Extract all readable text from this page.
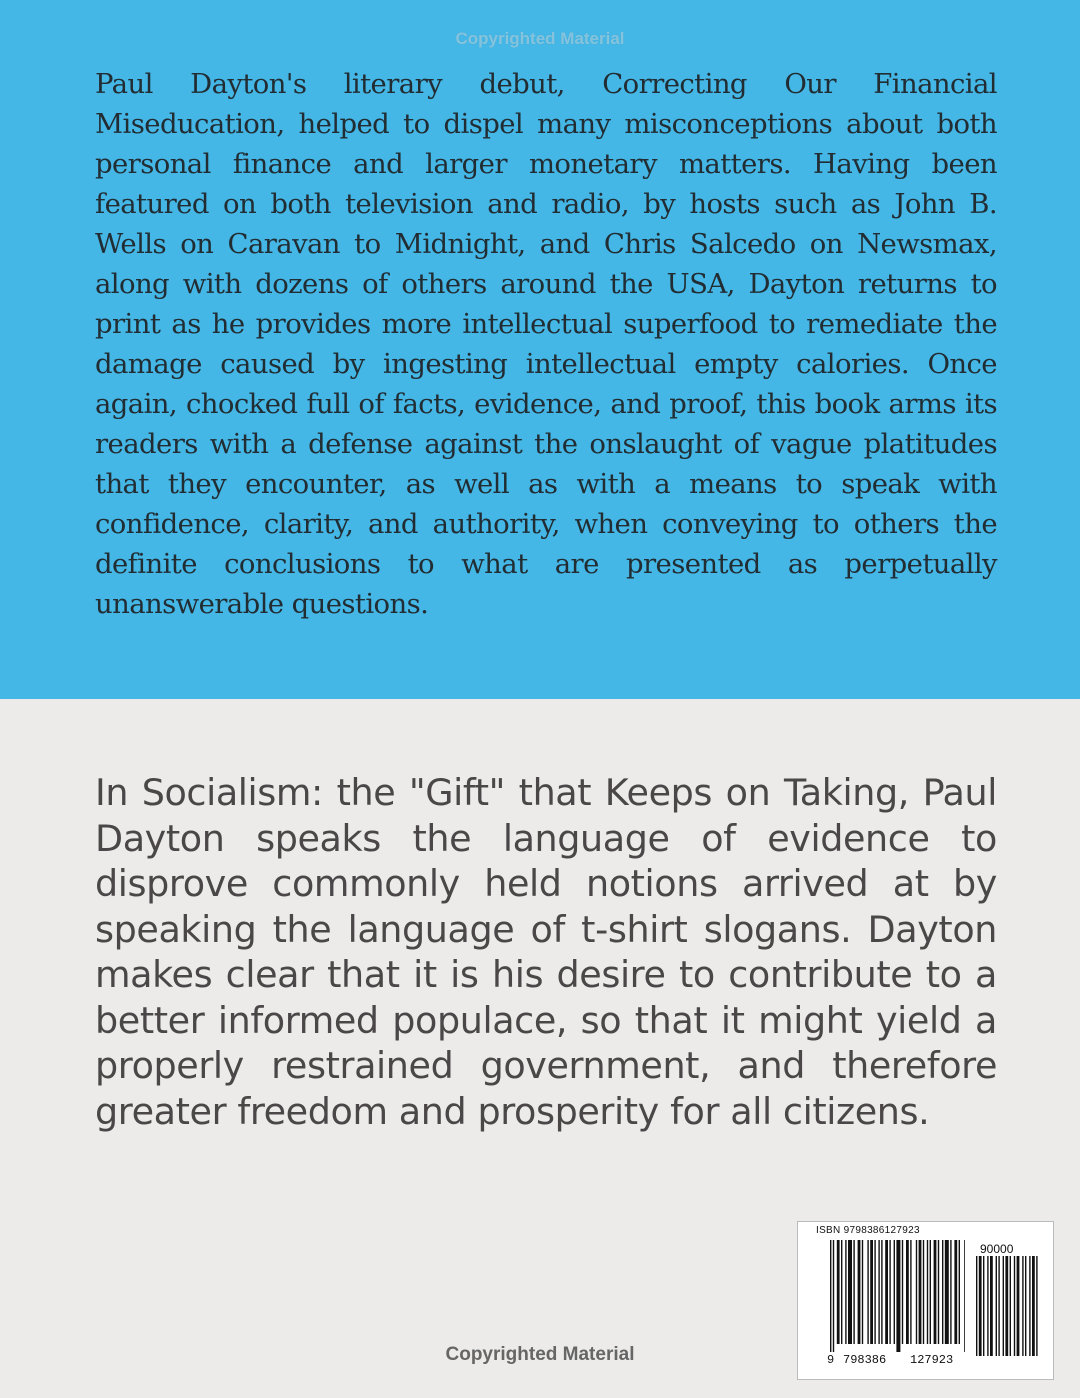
Copyrighted Material

Paul Dayton's literary debut, Correcting Our Financial Miseducation, helped to dispel many misconceptions about both personal finance and larger monetary matters. Having been featured on both television and radio, by hosts such as John B. Wells on Caravan to Midnight, and Chris Salcedo on Newsmax, along with dozens of others around the USA, Dayton returns to print as he provides more intellectual superfood to remediate the damage caused by ingesting intellectual empty calories. Once again, chocked full of facts, evidence, and proof, this book arms its readers with a defense against the onslaught of vague platitudes that they encounter, as well as with a means to speak with confidence, clarity, and authority, when conveying to others the definite conclusions to what are presented as perpetually unanswerable questions.

In Socialism: the "Gift" that Keeps on Taking, Paul Dayton speaks the language of evidence to disprove commonly held notions arrived at by speaking the language of t-shirt slogans. Dayton makes clear that it is his desire to contribute to a better informed populace, so that it might yield a properly restrained government, and therefore greater freedom and prosperity for all citizens.

ISBN 9798386127923
90000
9 798386 127923
Copyrighted Material
